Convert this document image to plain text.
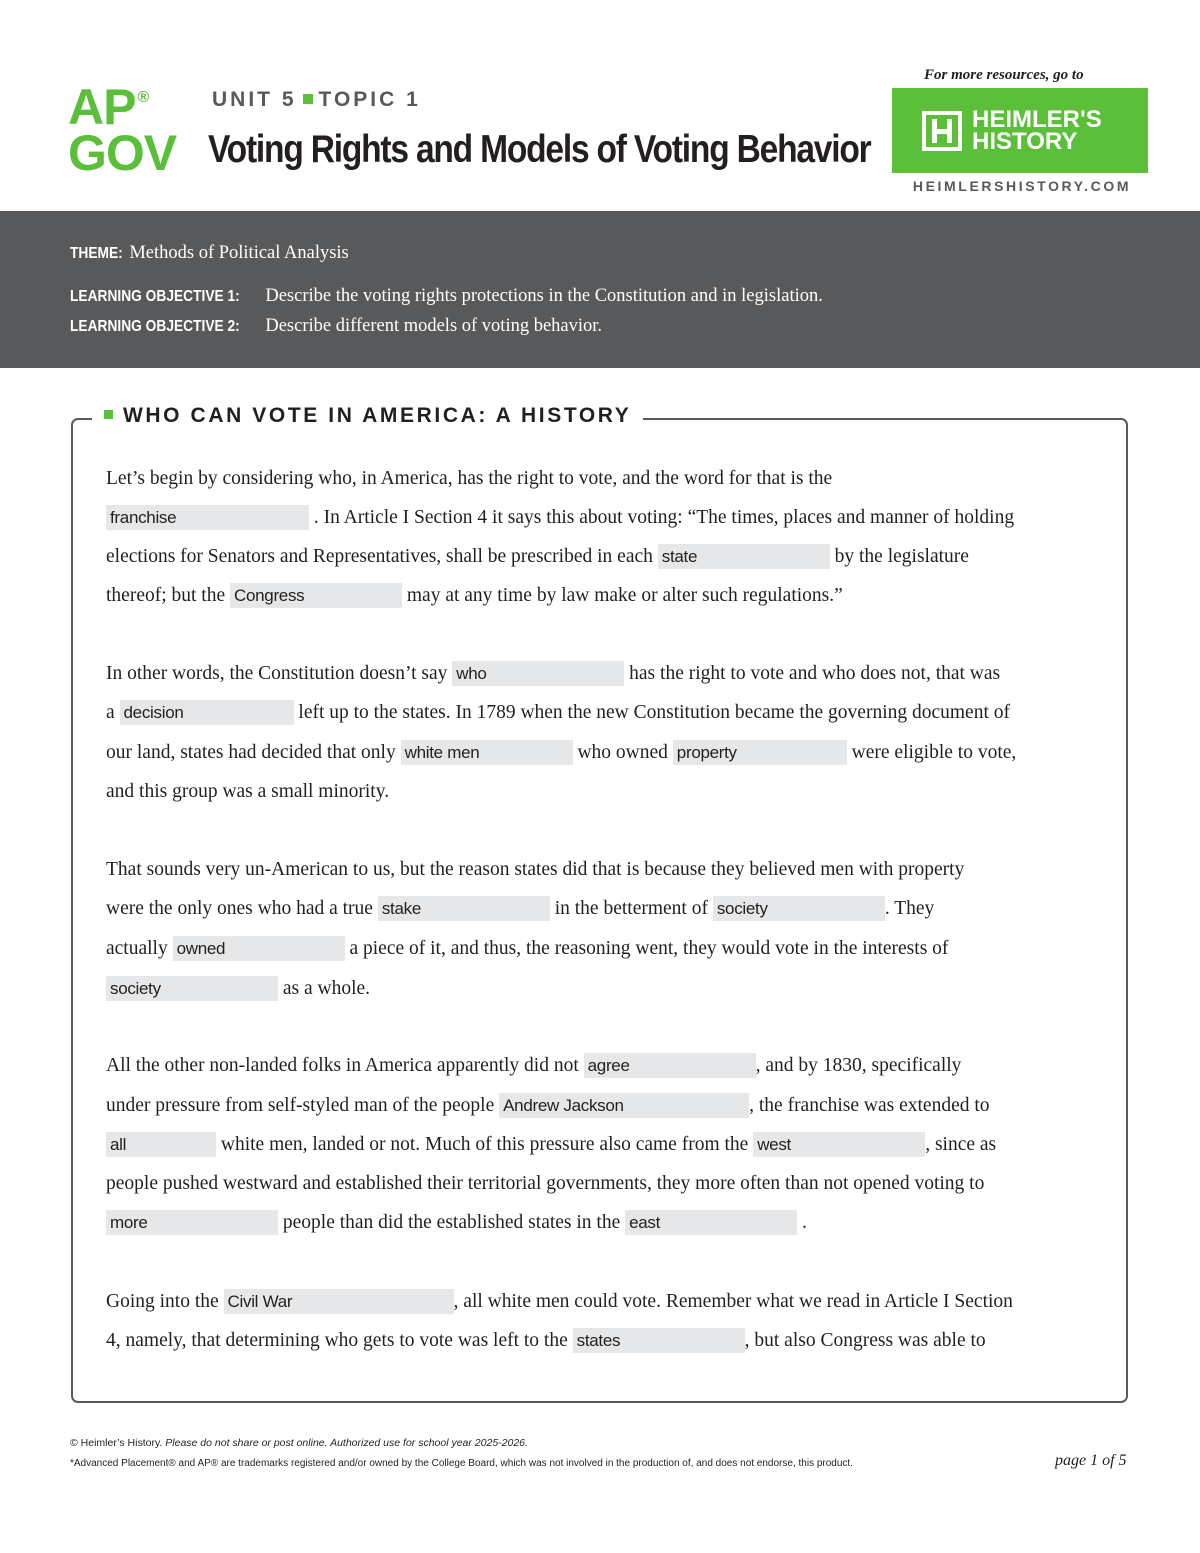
AP ®
GOV
UNIT 5 TOPIC 1
Voting Rights and Models of Voting Behavior
For more resources, go to
HEIMLER'S
HISTORY
HEIMLERSHISTORY.COM
THEME: Methods of Political Analysis
LEARNING OBJECTIVE 1: Describe the voting rights protections in the Constitution and in legislation.
LEARNING OBJECTIVE 2: Describe different models of voting behavior.
WHO CAN VOTE IN AMERICA: A HISTORY
Let’s begin by considering who, in America, has the right to vote, and the word for that is the
franchise	. In Article I Section 4 it says this about voting: “The times, places and manner of holding
elections for Senators and Representatives, shall be prescribed in each state	by the legislature
thereof; but the Congress	may at any time by law make or alter such regulations.”
In other words, the Constitution doesn’t say who	has the right to vote and who does not, that was
a decision	left up to the states. In 1789 when the new Constitution became the governing document of
our land, states had decided that only white men	who owned property	were eligible to vote,
and this group was a small minority.
That sounds very un-American to us, but the reason states did that is because they believed men with property
were the only ones who had a true stake	in the betterment of society	. They
actually owned	a piece of it, and thus, the reasoning went, they would vote in the interests of
society	as a whole.
All the other non-landed folks in America apparently did not agree	, and by 1830, specifically
under pressure from self-styled man of the people Andrew Jackson	, the franchise was extended to
all	white men, landed or not. Much of this pressure also came from the west	, since as
people pushed westward and established their territorial governments, they more often than not opened voting to
more	people than did the established states in the east	.
Going into the Civil War	, all white men could vote. Remember what we read in Article I Section
4, namely, that determining who gets to vote was left to the states	, but also Congress was able to
© Heimler’s History. Please do not share or post online. Authorized use for school year 2025-2026.
*Advanced Placement® and AP® are trademarks registered and/or owned by the College Board, which was not involved in the production of, and does not endorse, this product.	page 1 of 5
